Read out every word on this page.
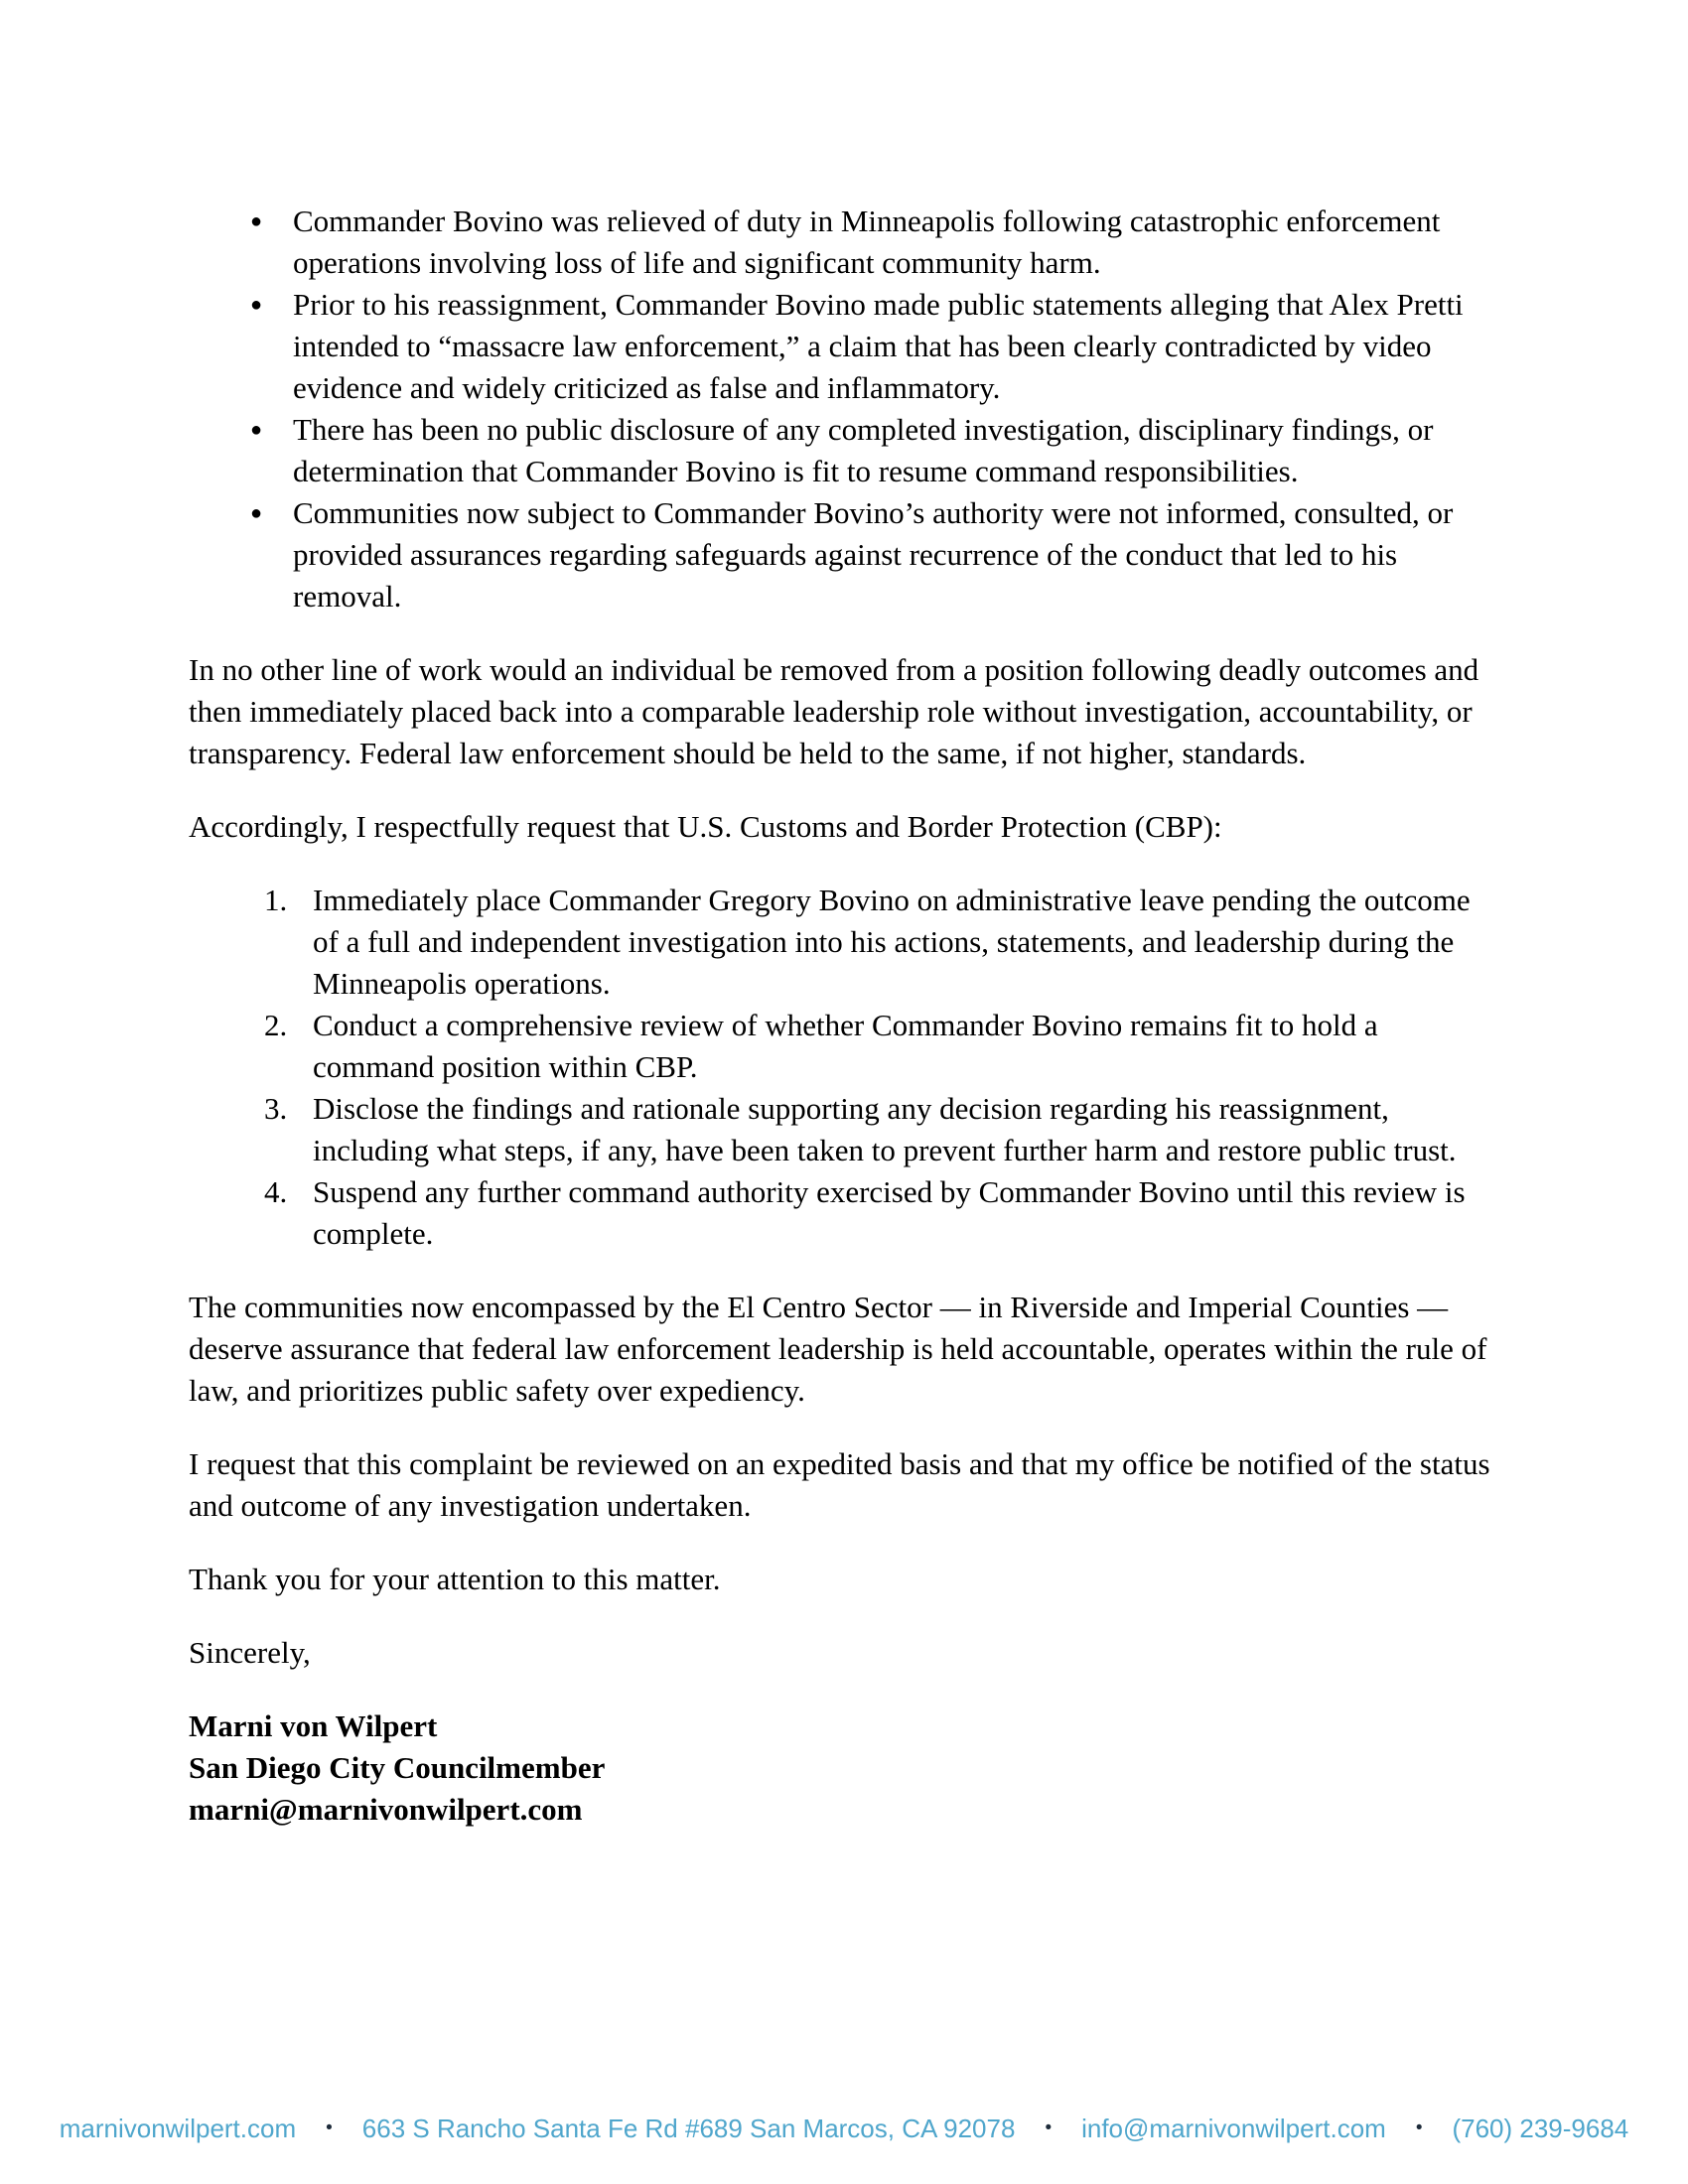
● Commander Bovino was relieved of duty in Minneapolis following catastrophic enforcement operations involving loss of life and significant community harm.
● Prior to his reassignment, Commander Bovino made public statements alleging that Alex Pretti intended to “massacre law enforcement,” a claim that has been clearly contradicted by video evidence and widely criticized as false and inflammatory.
● There has been no public disclosure of any completed investigation, disciplinary findings, or determination that Commander Bovino is fit to resume command responsibilities.
● Communities now subject to Commander Bovino’s authority were not informed, consulted, or provided assurances regarding safeguards against recurrence of the conduct that led to his removal.

In no other line of work would an individual be removed from a position following deadly outcomes and then immediately placed back into a comparable leadership role without investigation, accountability, or transparency. Federal law enforcement should be held to the same, if not higher, standards.

Accordingly, I respectfully request that U.S. Customs and Border Protection (CBP):

Immediately place Commander Gregory Bovino on administrative leave pending the outcome of a full and independent investigation into his actions, statements, and leadership during the Minneapolis operations.
Conduct a comprehensive review of whether Commander Bovino remains fit to hold a command position within CBP.
Disclose the findings and rationale supporting any decision regarding his reassignment, including what steps, if any, have been taken to prevent further harm and restore public trust.
Suspend any further command authority exercised by Commander Bovino until this review is complete.

The communities now encompassed by the El Centro Sector — in Riverside and Imperial Counties — deserve assurance that federal law enforcement leadership is held accountable, operates within the rule of law, and prioritizes public safety over expediency.

I request that this complaint be reviewed on an expedited basis and that my office be notified of the status and outcome of any investigation undertaken.

Thank you for your attention to this matter.

Sincerely,

Marni von Wilpert

San Diego City Councilmember

marni@marnivonwilpert.com

marnivonwilpert.com • 663 S Rancho Santa Fe Rd #689 San Marcos, CA 92078 • info@marnivonwilpert.com • (760) 239-9684
